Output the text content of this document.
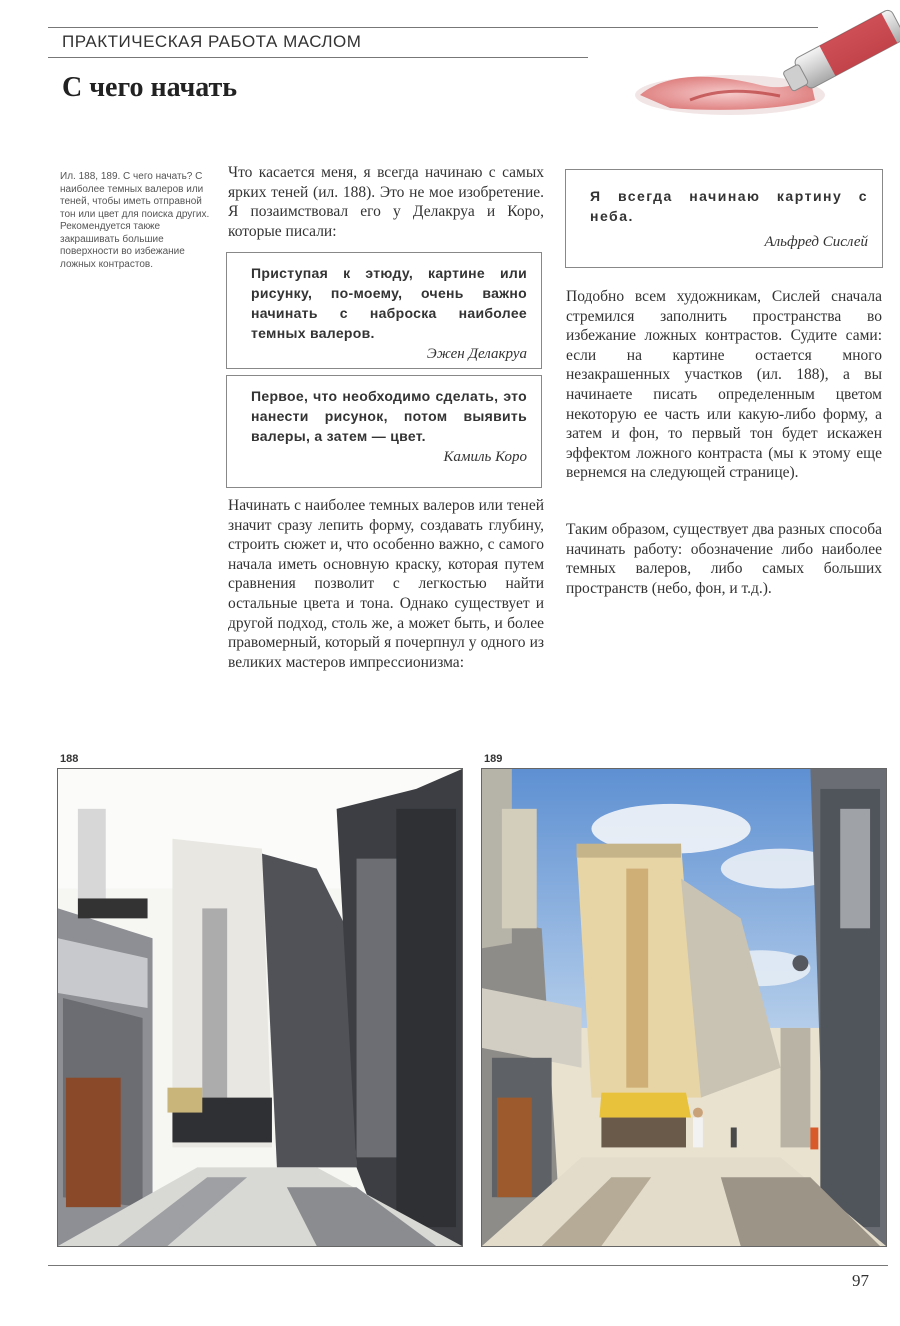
ПРАКТИЧЕСКАЯ РАБОТА МАСЛОМ
С чего начать
Ил. 188, 189. С чего начать? С наиболее темных валеров или теней, чтобы иметь отправной тон или цвет для поиска других. Рекомендуется также закрашивать большие поверхности во избежание ложных контрастов.
Что касается меня, я всегда начинаю с самых ярких теней (ил. 188). Это не мое изобретение. Я позаимствовал его у Делакруа и Коро, которые писали:
Приступая к этюду, картине или рисунку, по-моему, очень важно начинать с наброска наиболее темных валеров.
Эжен Делакруа
Первое, что необходимо сделать, это нанести рисунок, потом выявить валеры, а затем — цвет.
Камиль Коро
Начинать с наиболее темных валеров или теней значит сразу лепить форму, создавать глубину, строить сюжет и, что особенно важно, с самого начала иметь основную краску, которая путем сравнения позволит с легкостью найти остальные цвета и тона. Однако существует и другой подход, столь же, а может быть, и более правомерный, который я почерпнул у одного из великих мастеров импрессионизма:
Я всегда начинаю картину с неба.
Альфред Сислей
Подобно всем художникам, Сислей сначала стремился заполнить пространства во избежание ложных контрастов. Судите сами: если на картине остается много незакрашенных участков (ил. 188), а вы начинаете писать определенным цветом некоторую ее часть или какую-либо форму, а затем и фон, то первый тон будет искажен эффектом ложного контраста (мы к этому еще вернемся на следующей странице).
Таким образом, существует два разных способа начинать работу: обозначение либо наиболее темных валеров, либо самых больших пространств (небо, фон, и т.д.).
188	189
97
